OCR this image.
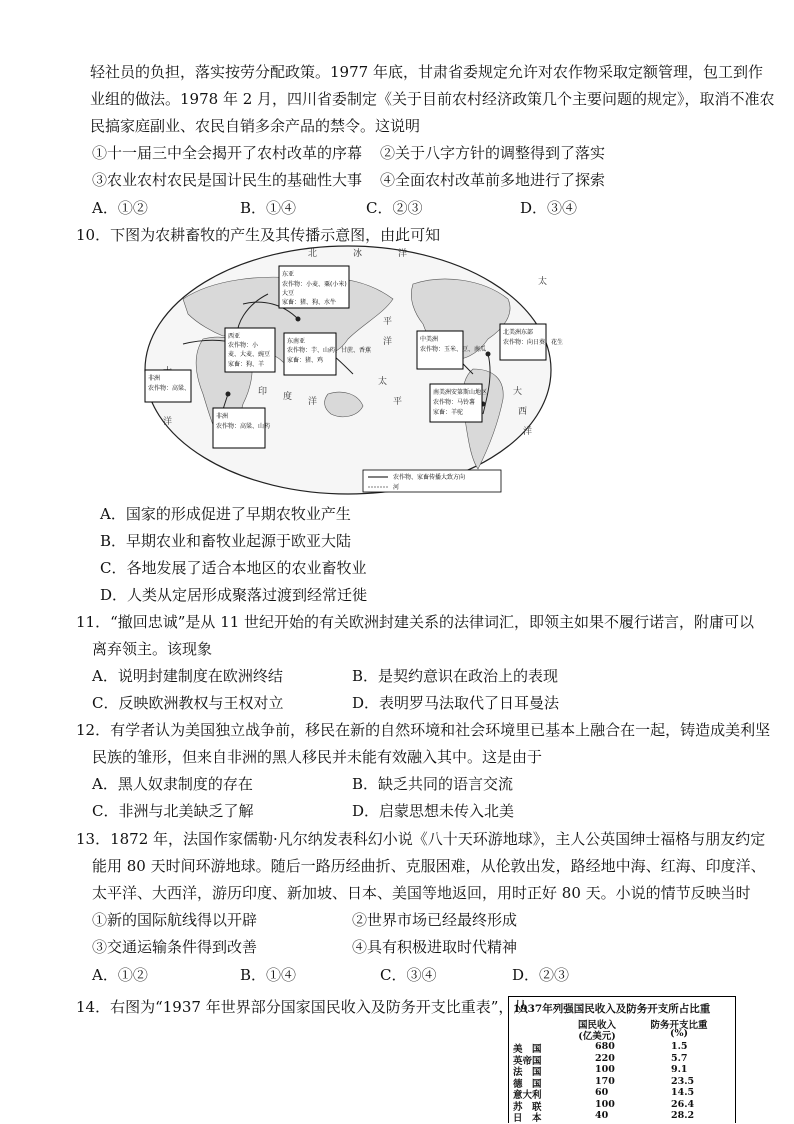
轻社员的负担，落实按劳分配政策。1977 年底，甘肃省委规定允许对农作物采取定额管理，包工到作
业组的做法。1978 年 2 月，四川省委制定《关于目前农村经济政策几个主要问题的规定》，取消不准农
民搞家庭副业、农民自销多余产品的禁令。这说明
①十一届三中全会揭开了农村改革的序幕 ②关于八字方针的调整得到了落实
③农业农村农民是国计民生的基础性大事 ④全面农村改革前多地进行了探索
A．①②	B．①④	C．②③	D．③④
10．下图为农耕畜牧的产生及其传播示意图，由此可知
北	冰	洋
太
平
洋
洋
印 度 洋
大
西
洋
太
平
东亚
农作物：小麦、粟(小米)
大豆
家畜：猪、狗、水牛
西亚
农作物：小
麦、大麦、豌豆
家畜：狗、羊
东南亚
农作物：芋、山药、甘蔗、香蕉
家畜：猪、鸡
中美洲
农作物：玉米、豆、南瓜
北美洲东部
农作物：向日葵、花生
非洲
农作物：高粱、
非洲
农作物：高粱、山药
南美洲安第斯山地区
农作物：马铃薯
家畜：羊驼
农作物、家畜传播大致方向
河
A．国家的形成促进了早期农牧业产生
B．早期农业和畜牧业起源于欧亚大陆
C．各地发展了适合本地区的农业畜牧业
D．人类从定居形成聚落过渡到经常迁徙
11．“撤回忠诚”是从 11 世纪开始的有关欧洲封建关系的法律词汇，即领主如果不履行诺言，附庸可以
离弃领主。该现象
A．说明封建制度在欧洲终结	B．是契约意识在政治上的表现
C．反映欧洲教权与王权对立	D．表明罗马法取代了日耳曼法
12．有学者认为美国独立战争前，移民在新的自然环境和社会环境里已基本上融合在一起，铸造成美利坚
民族的雏形，但来自非洲的黑人移民并未能有效融入其中。这是由于
A．黑人奴隶制度的存在	B．缺乏共同的语言交流
C．非洲与北美缺乏了解	D．启蒙思想未传入北美
13．1872 年，法国作家儒勒·凡尔纳发表科幻小说《八十天环游地球》，主人公英国绅士福格与朋友约定
能用 80 天时间环游地球。随后一路历经曲折、克服困难，从伦敦出发，路经地中海、红海、印度洋、
太平洋、大西洋，游历印度、新加坡、日本、美国等地返回，用时正好 80 天。小说的情节反映当时
①新的国际航线得以开辟	②世界市场已经最终形成
③交通运输条件得到改善	④具有积极进取时代精神
A．①②	B．①④	C．③④	D．②③
14．右图为“1937 年世界部分国家国民收入及防务开支比重表”，从
1937年列强国民收入及防务开支所占比重
国民收入
(亿美元)
防务开支比重
(%)
美　国	680	1.5
英帝国	220	5.7
法　国	100	9.1
德　国	170	23.5
意大利	60	14.5
苏　联	100	26.4
日　本	40	28.2
